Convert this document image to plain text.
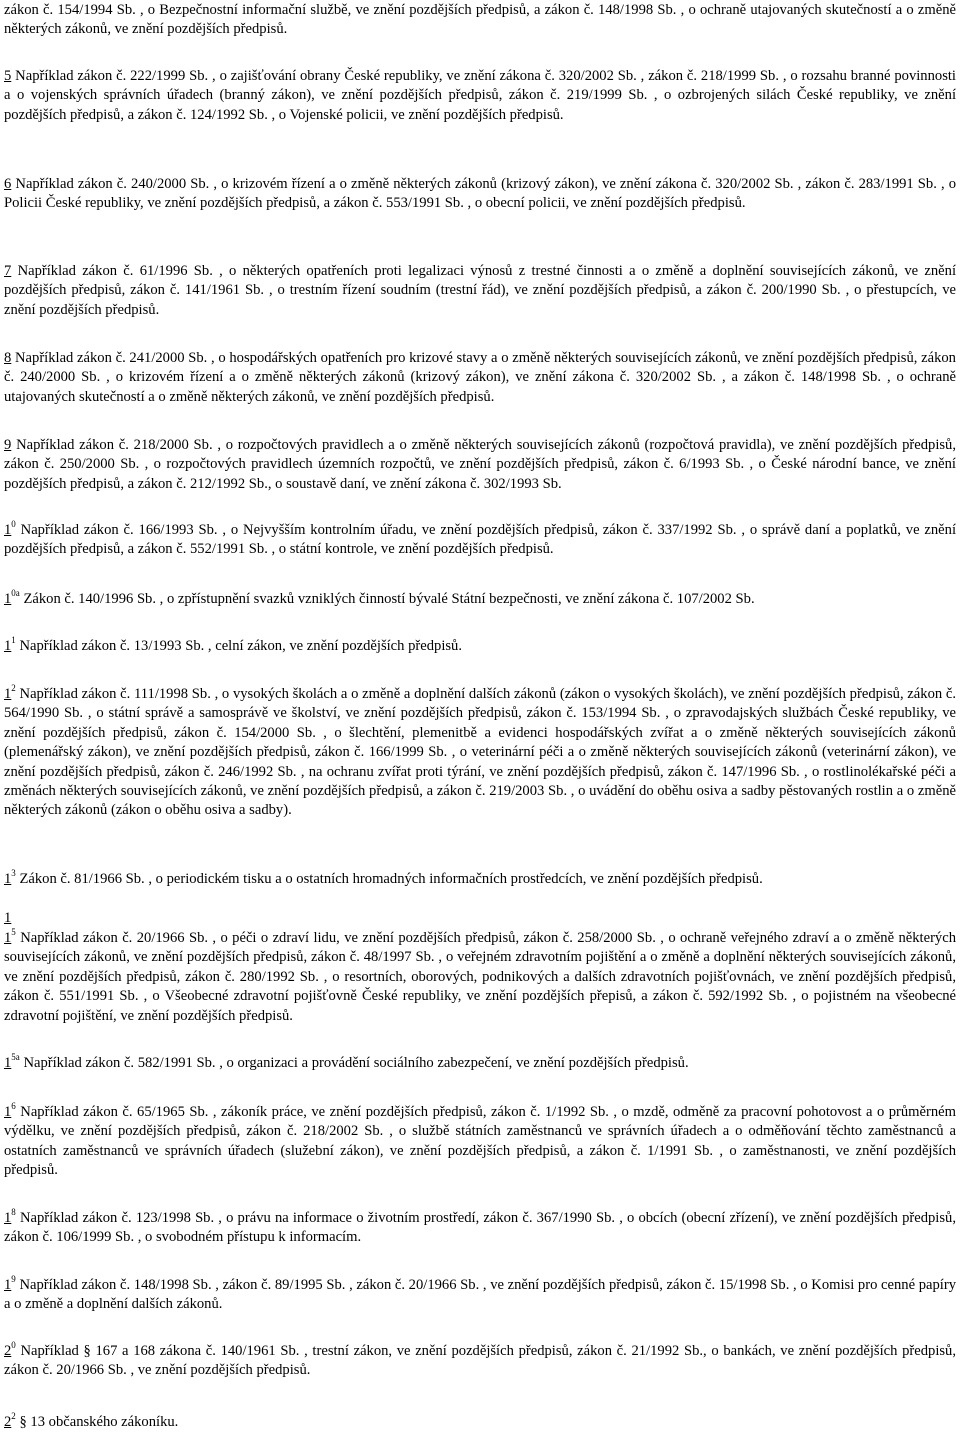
zákon č. 154/1994 Sb. , o Bezpečnostní informační službě, ve znění pozdějších předpisů, a zákon č. 148/1998 Sb. , o ochraně utajovaných skutečností a o změně některých zákonů, ve znění pozdějších předpisů.

5 Například zákon č. 222/1999 Sb. , o zajišťování obrany České republiky, ve znění zákona č. 320/2002 Sb. , zákon č. 218/1999 Sb. , o rozsahu branné povinnosti a o vojenských správních úřadech (branný zákon), ve znění pozdějších předpisů, zákon č. 219/1999 Sb. , o ozbrojených silách České republiky, ve znění pozdějších předpisů, a zákon č. 124/1992 Sb. , o Vojenské policii, ve znění pozdějších předpisů.

6 Například zákon č. 240/2000 Sb. , o krizovém řízení a o změně některých zákonů (krizový zákon), ve znění zákona č. 320/2002 Sb. , zákon č. 283/1991 Sb. , o Policii České republiky, ve znění pozdějších předpisů, a zákon č. 553/1991 Sb. , o obecní policii, ve znění pozdějších předpisů.

7 Například zákon č. 61/1996 Sb. , o některých opatřeních proti legalizaci výnosů z trestné činnosti a o změně a doplnění souvisejících zákonů, ve znění pozdějších předpisů, zákon č. 141/1961 Sb. , o trestním řízení soudním (trestní řád), ve znění pozdějších předpisů, a zákon č. 200/1990 Sb. , o přestupcích, ve znění pozdějších předpisů.

8 Například zákon č. 241/2000 Sb. , o hospodářských opatřeních pro krizové stavy a o změně některých souvisejících zákonů, ve znění pozdějších předpisů, zákon č. 240/2000 Sb. , o krizovém řízení a o změně některých zákonů (krizový zákon), ve znění zákona č. 320/2002 Sb. , a zákon č. 148/1998 Sb. , o ochraně utajovaných skutečností a o změně některých zákonů, ve znění pozdějších předpisů.

9 Například zákon č. 218/2000 Sb. , o rozpočtových pravidlech a o změně některých souvisejících zákonů (rozpočtová pravidla), ve znění pozdějších předpisů, zákon č. 250/2000 Sb. , o rozpočtových pravidlech územních rozpočtů, ve znění pozdějších předpisů, zákon č. 6/1993 Sb. , o České národní bance, ve znění pozdějších předpisů, a zákon č. 212/1992 Sb., o soustavě daní, ve znění zákona č. 302/1993 Sb.

$1^0$ Například zákon č. 166/1993 Sb. , o Nejvyšším kontrolním úřadu, ve znění pozdějších předpisů, zákon č. 337/1992 Sb. , o správě daní a poplatků, ve znění pozdějších předpisů, a zákon č. 552/1991 Sb. , o státní kontrole, ve znění pozdějších předpisů.

$1^{0a}$ Zákon č. 140/1996 Sb. , o zpřístupnění svazků vzniklých činností bývalé Státní bezpečnosti, ve znění zákona č. 107/2002 Sb.

$1^1$ Například zákon č. 13/1993 Sb. , celní zákon, ve znění pozdějších předpisů.

$1^2$ Například zákon č. 111/1998 Sb. , o vysokých školách a o změně a doplnění dalších zákonů (zákon o vysokých školách), ve znění pozdějších předpisů, zákon č. 564/1990 Sb. , o státní správě a samosprávě ve školství, ve znění pozdějších předpisů, zákon č. 153/1994 Sb. , o zpravodajských službách České republiky, ve znění pozdějších předpisů, zákon č. 154/2000 Sb. , o šlechtění, plemenitbě a evidenci hospodářských zvířat a o změně některých souvisejících zákonů (plemenářský zákon), ve znění pozdějších předpisů, zákon č. 166/1999 Sb. , o veterinární péči a o změně některých souvisejících zákonů (veterinární zákon), ve znění pozdějších předpisů, zákon č. 246/1992 Sb. , na ochranu zvířat proti týrání, ve znění pozdějších předpisů, zákon č. 147/1996 Sb. , o rostlinolékařské péči a změnách některých souvisejících zákonů, ve znění pozdějších předpisů, a zákon č. 219/2003 Sb. , o uvádění do oběhu osiva a sadby pěstovaných rostlin a o změně některých zákonů (zákon o oběhu osiva a sadby).

$1^3$ Zákon č. 81/1966 Sb. , o periodickém tisku a o ostatních hromadných informačních prostředcích, ve znění pozdějších předpisů.

1

$1^5$ Například zákon č. 20/1966 Sb. , o péči o zdraví lidu, ve znění pozdějších předpisů, zákon č. 258/2000 Sb. , o ochraně veřejného zdraví a o změně některých souvisejících zákonů, ve znění pozdějších předpisů, zákon č. 48/1997 Sb. , o veřejném zdravotním pojištění a o změně a doplnění některých souvisejících zákonů, ve znění pozdějších předpisů, zákon č. 280/1992 Sb. , o resortních, oborových, podnikových a dalších zdravotních pojišťovnách, ve znění pozdějších předpisů, zákon č. 551/1991 Sb. , o Všeobecné zdravotní pojišťovně České republiky, ve znění pozdějších přepisů, a zákon č. 592/1992 Sb. , o pojistném na všeobecné zdravotní pojištění, ve znění pozdějších předpisů.

$1^{5a}$ Například zákon č. 582/1991 Sb. , o organizaci a provádění sociálního zabezpečení, ve znění pozdějších předpisů.

$1^6$ Například zákon č. 65/1965 Sb. , zákoník práce, ve znění pozdějších předpisů, zákon č. 1/1992 Sb. , o mzdě, odměně za pracovní pohotovost a o průměrném výdělku, ve znění pozdějších předpisů, zákon č. 218/2002 Sb. , o službě státních zaměstnanců ve správních úřadech a o odměňování těchto zaměstnanců a ostatních zaměstnanců ve správních úřadech (služební zákon), ve znění pozdějších předpisů, a zákon č. 1/1991 Sb. , o zaměstnanosti, ve znění pozdějších předpisů.

$1^8$ Například zákon č. 123/1998 Sb. , o právu na informace o životním prostředí, zákon č. 367/1990 Sb. , o obcích (obecní zřízení), ve znění pozdějších předpisů, zákon č. 106/1999 Sb. , o svobodném přístupu k informacím.

$1^9$ Například zákon č. 148/1998 Sb. , zákon č. 89/1995 Sb. , zákon č. 20/1966 Sb. , ve znění pozdějších předpisů, zákon č. 15/1998 Sb. , o Komisi pro cenné papíry a o změně a doplnění dalších zákonů.

$2^0$ Například § 167 a 168 zákona č. 140/1961 Sb. , trestní zákon, ve znění pozdějších předpisů, zákon č. 21/1992 Sb., o bankách, ve znění pozdějších předpisů, zákon č. 20/1966 Sb. , ve znění pozdějších předpisů.

$2^2$ § 13 občanského zákoníku.
